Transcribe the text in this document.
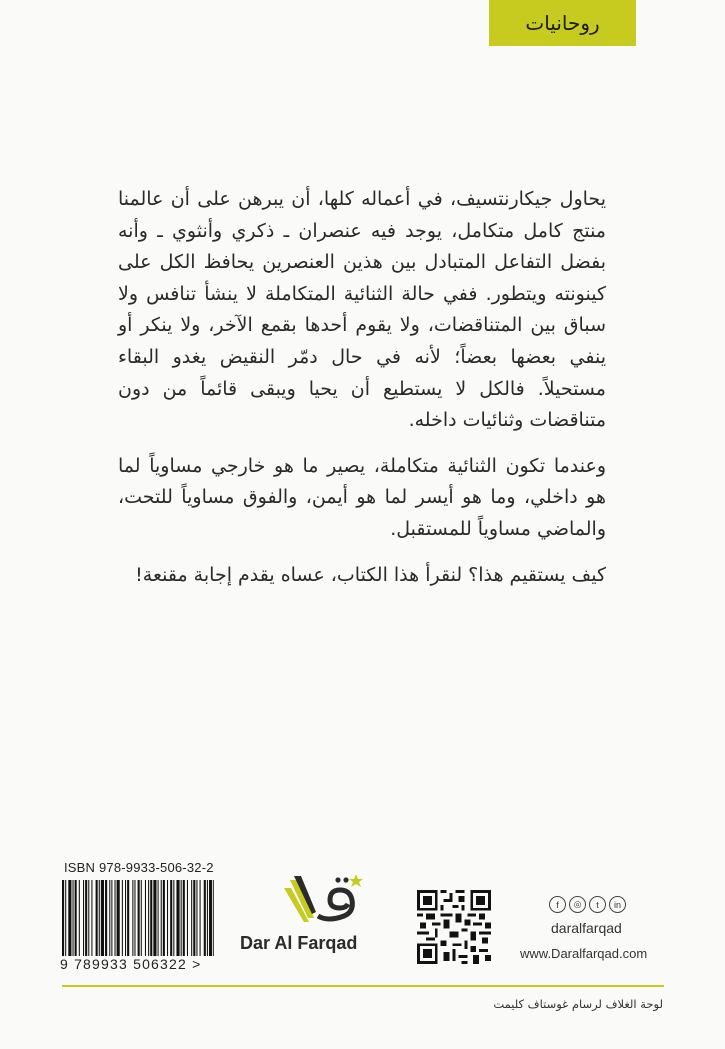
روحانيات

يحاول جيكارنتسيف، في أعماله كلها، أن يبرهن على أن عالمنا منتج كامل متكامل، يوجد فيه عنصران ـ ذكري وأنثوي ـ وأنه بفضل التفاعل المتبادل بين هذين العنصرين يحافظ الكل على كينونته ويتطور. ففي حالة الثنائية المتكاملة لا ينشأ تنافس ولا سباق بين المتناقضات، ولا يقوم أحدها بقمع الآخر، ولا ينكر أو ينفي بعضها بعضاً؛ لأنه في حال دمّر النقيض يغدو البقاء مستحيلاً. فالكل لا يستطيع أن يحيا ويبقى قائماً من دون متناقضات وثنائيات داخله.

وعندما تكون الثنائية متكاملة، يصير ما هو خارجي مساوياً لما هو داخلي، وما هو أيسر لما هو أيمن، والفوق مساوياً للتحت، والماضي مساوياً للمستقبل.

كيف يستقيم هذا؟ لنقرأ هذا الكتاب، عساه يقدم إجابة مقنعة!

ISBN 978-9933-506-32-2
9 789933 506322 >
Dar Al Farqad
f	◎	t	in
daralfarqad
www.Daralfarqad.com
لوحة الغلاف لرسام غوستاف كليمت
